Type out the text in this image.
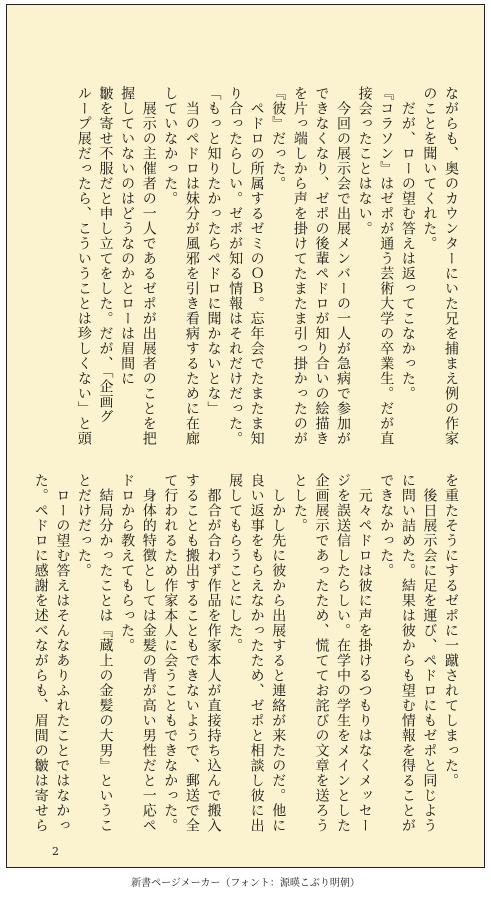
ながらも、奥のカウンターにいた兄を捕まえ例の作家

のことを聞いてくれた。

　だが、ローの望む答えは返ってこなかった。

『コラソン』はゼポが通う芸術大学の卒業生。だが直

接会ったことはない。

　今回の展示会で出展メンバーの一人が急病で参加が

できなくなり、ゼポの後輩ペドロが知り合いの絵描き

を片っ端しから声を掛けてたまたま引っ掛かったのが

『彼』だった。

　ペドロの所属するゼミのＯＢ。忘年会でたまたま知

り合ったらしい。ゼポが知る情報はそれだけだった。

「もっと知りたかったらペドロに聞かないとな」

　当のペドロは妹分が風邪を引き看病するために在廊

していなかった。

　展示の主催者の一人であるゼポが出展者のことを把

握していないのはどうなのかとローは眉間に

皺を寄せ不服だと申し立てをした。だが、「企画グ

ループ展だったら、こういうことは珍しくない」と頭

を重たそうにするゼポに一蹴されてしまった。

　後日展示会に足を運び、ペドロにもゼポと同じよう

に問い詰めた。結果は彼からも望む情報を得ることが

できなかった。

　元々ペドロは彼に声を掛けるつもりはなくメッセー

ジを誤送信したらしい。在学中の学生をメインとした

企画展示であったため、慌ててお詫びの文章を送ろう

とした。

　しかし先に彼から出展すると連絡が来たのだ。他に

良い返事をもらえなかったため、ゼポと相談し彼に出

展してもらうことにした。

　都合が合わず作品を作家本人が直接持ち込んで搬入

することも搬出することもできないようで、郵送で全

て行われるため作家本人に会うこともできなかった。

　身体的特徴としては金髪の背が高い男性だと一応ペ

ドロから教えてもらった。

　結局分かったことは『蔵上の金髪の大男』というこ

とだけだった。

　ローの望む答えはそんなありふれたことではなかっ

た。ペドロに感謝を述べながらも、眉間の皺は寄せら

2
新書ページメーカー（フォント：源暎こぶり明朝）
